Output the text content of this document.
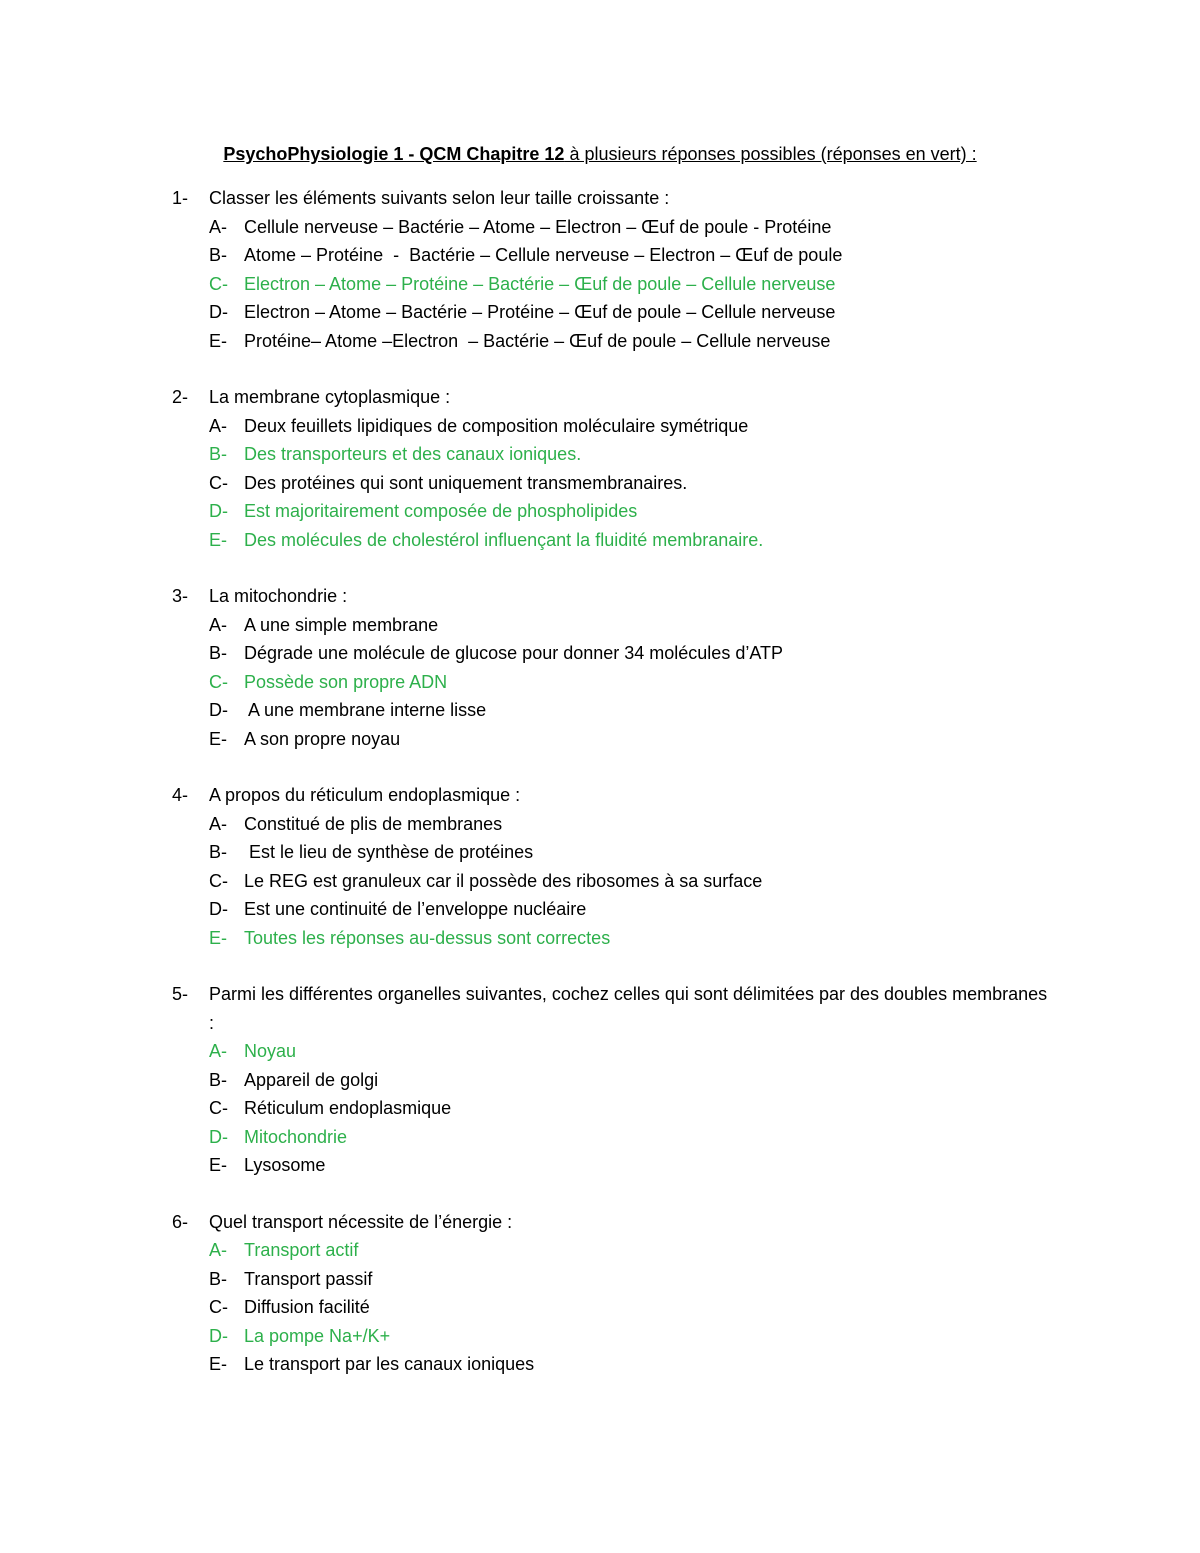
PsychoPhysiologie 1 - QCM Chapitre 12 à plusieurs réponses possibles (réponses en vert) :
1-	Classer les éléments suivants selon leur taille croissante :
A- Cellule nerveuse – Bactérie – Atome – Electron – Œuf de poule - Protéine
B- Atome – Protéine  -  Bactérie – Cellule nerveuse – Electron – Œuf de poule
C- Electron – Atome – Protéine – Bactérie – Œuf de poule – Cellule nerveuse
D- Electron – Atome – Bactérie – Protéine – Œuf de poule – Cellule nerveuse
E- Protéine– Atome –Electron  – Bactérie – Œuf de poule – Cellule nerveuse
2-	La membrane cytoplasmique :
A- Deux feuillets lipidiques de composition moléculaire symétrique
B- Des transporteurs et des canaux ioniques.
C- Des protéines qui sont uniquement transmembranaires.
D- Est majoritairement composée de phospholipides
E- Des molécules de cholestérol influençant la fluidité membranaire.
3-	La mitochondrie :
A- A une simple membrane
B- Dégrade une molécule de glucose pour donner 34 molécules d’ATP
C- Possède son propre ADN
D- A une membrane interne lisse
E- A son propre noyau
4-	A propos du réticulum endoplasmique :
A- Constitué de plis de membranes
B- Est le lieu de synthèse de protéines
C- Le REG est granuleux car il possède des ribosomes à sa surface
D- Est une continuité de l’enveloppe nucléaire
E- Toutes les réponses au-dessus sont correctes
5-	Parmi les différentes organelles suivantes, cochez celles qui sont délimitées par des doubles membranes :
A- Noyau
B- Appareil de golgi
C- Réticulum endoplasmique
D- Mitochondrie
E- Lysosome
6-	Quel transport nécessite de l’énergie :
A- Transport actif
B- Transport passif
C- Diffusion facilité
D- La pompe Na+/K+
E- Le transport par les canaux ioniques
